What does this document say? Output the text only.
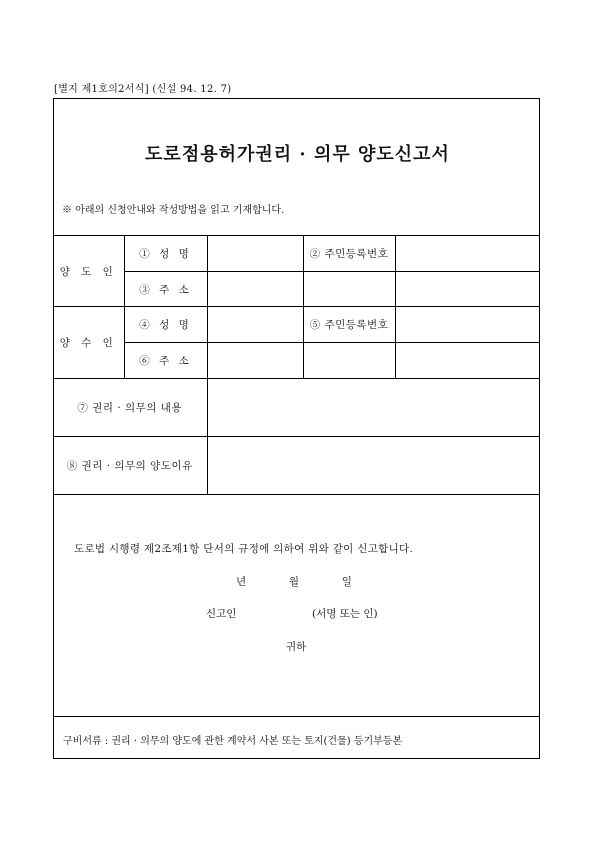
[별지 제1호의2서식] (신설 94. 12. 7)
도로점용허가권리 · 의무 양도신고서
※ 아래의 신청안내와 작성방법을 읽고 기재합니다.
양 도 인	① 성 명		② 주민등록번호	
	③ 주 소			
양 수 인	④ 성 명		⑤ 주민등록번호	
	⑥ 주 소			
⑦ 권리 · 의무의 내용				
⑧ 권리 · 의무의 양도이유				
도로법 시행령 제2조제1항 단서의 규정에 의하여 위와 같이 신고합니다.
년	월	일
신고인	(서명 또는 인)
귀하
구비서류 : 권리 · 의무의 양도에 관한 계약서 사본 또는 토지(건물) 등기부등본
